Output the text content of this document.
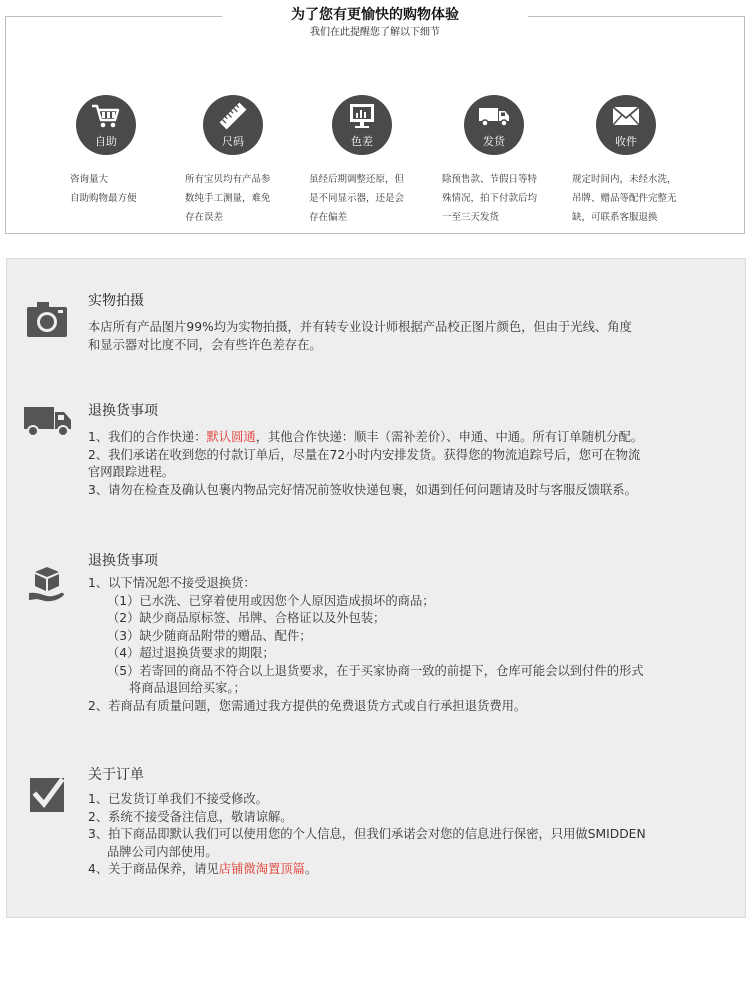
自助	尺码	色差	发货	收件
咨询量大
自助购物最方便
所有宝贝均有产品参
数纯手工测量，难免
存在误差
虽经后期调整还原，但
是不同显示器，还是会
存在偏差
除预售款、节假日等特
殊情况，拍下付款后均
一至三天发货
规定时间内，未经水洗，
吊牌、赠品等配件完整无
缺，可联系客服退换
为了您有更愉快的购物体验
我们在此提醒您了解以下细节
实物拍摄
本店所有产品图片99%均为实物拍摄，并有转专业设计师根据产品校正图片颜色，但由于光线、角度
和显示器对比度不同，会有些许色差存在。
退换货事项
1、我们的合作快递：默认圆通，其他合作快递：顺丰（需补差价）、申通、中通。所有订单随机分配。
2、我们承诺在收到您的付款订单后，尽量在72小时内安排发货。获得您的物流追踪号后，您可在物流
官网跟踪进程。
3、请勿在检查及确认包裹内物品完好情况前签收快递包裹，如遇到任何问题请及时与客服反馈联系。
退换货事项
1、以下情况恕不接受退换货：
（1）已水洗、已穿着使用或因您个人原因造成损坏的商品；
（2）缺少商品原标签、吊牌、合格证以及外包装；
（3）缺少随商品附带的赠品、配件；
（4）超过退换货要求的期限；
（5）若寄回的商品不符合以上退货要求，在于买家协商一致的前提下，仓库可能会以到付件的形式
将商品退回给买家。；
2、若商品有质量问题，您需通过我方提供的免费退货方式或自行承担退货费用。
关于订单
1、已发货订单我们不接受修改。
2、系统不接受备注信息，敬请谅解。
3、拍下商品即默认我们可以使用您的个人信息，但我们承诺会对您的信息进行保密，只用做SMIDDEN
品牌公司内部使用。
4、关于商品保养，请见店铺微淘置顶篇。
